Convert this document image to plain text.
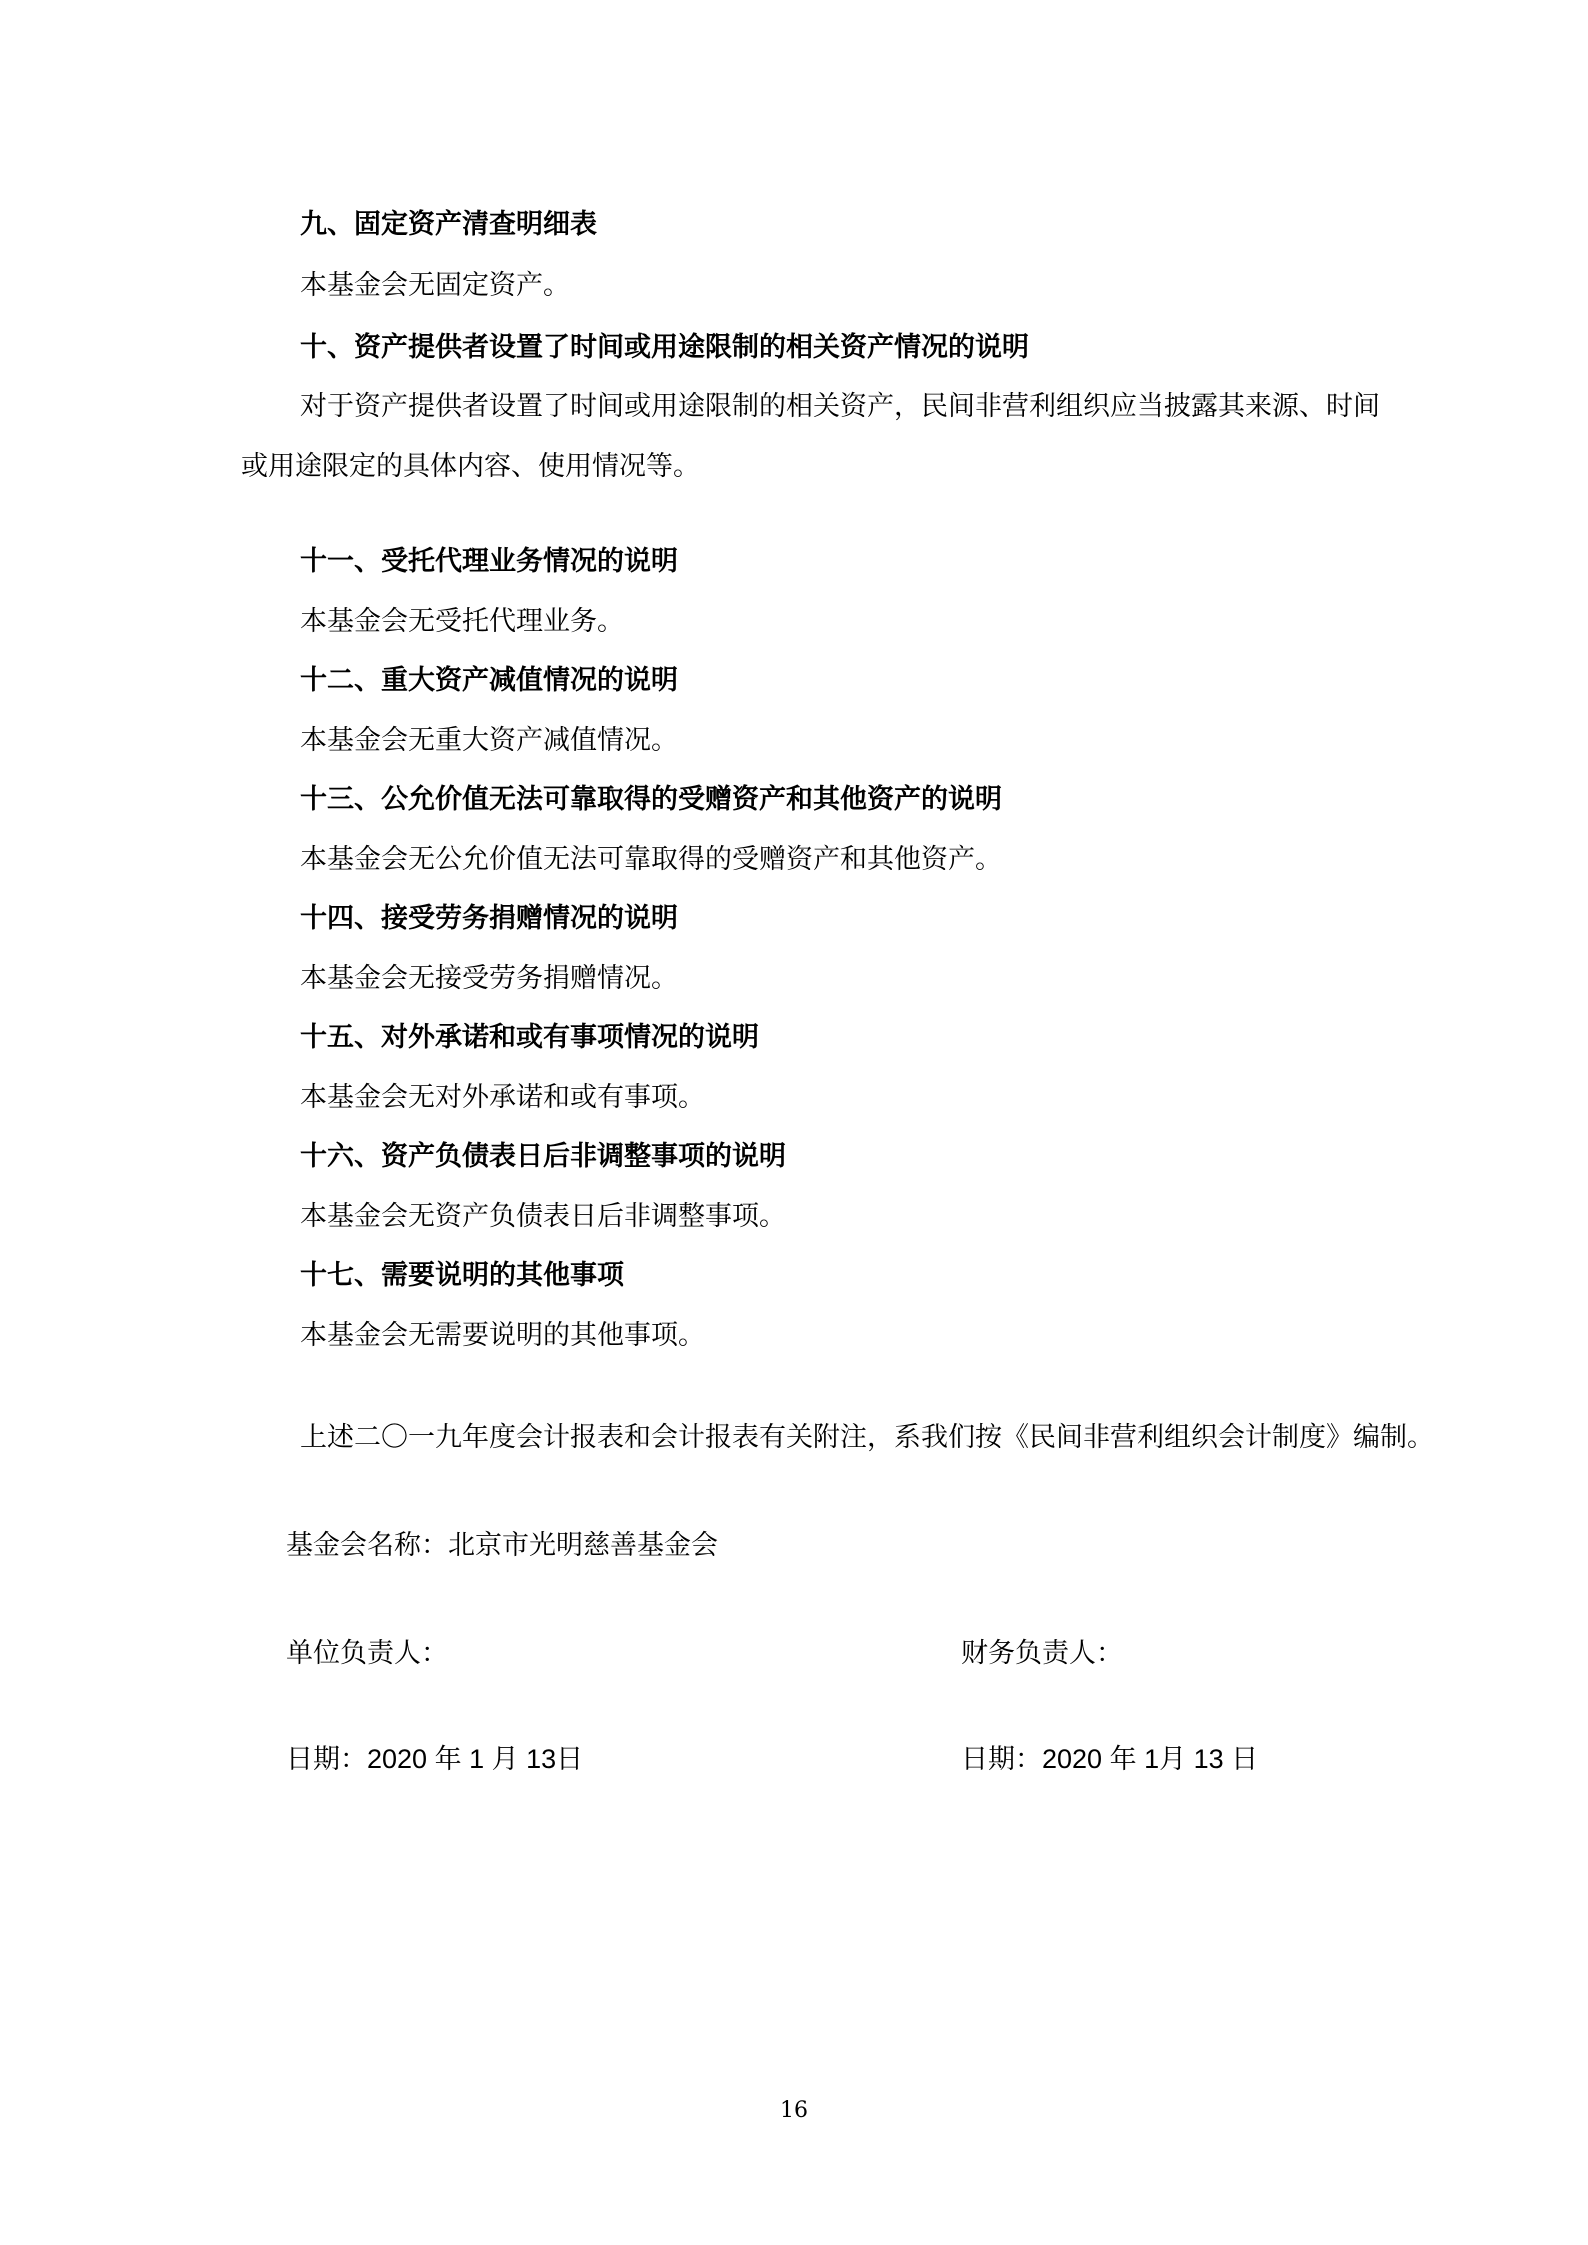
九、固定资产清查明细表
本基金会无固定资产。
十、资产提供者设置了时间或用途限制的相关资产情况的说明
对于资产提供者设置了时间或用途限制的相关资产，民间非营利组织应当披露其来源、时间
或用途限定的具体内容、使用情况等。
十一、受托代理业务情况的说明
本基金会无受托代理业务。
十二、重大资产减值情况的说明
本基金会无重大资产减值情况。
十三、公允价值无法可靠取得的受赠资产和其他资产的说明
本基金会无公允价值无法可靠取得的受赠资产和其他资产。
十四、接受劳务捐赠情况的说明
本基金会无接受劳务捐赠情况。
十五、对外承诺和或有事项情况的说明
本基金会无对外承诺和或有事项。
十六、资产负债表日后非调整事项的说明
本基金会无资产负债表日后非调整事项。
十七、需要说明的其他事项
本基金会无需要说明的其他事项。
上述二〇一九年度会计报表和会计报表有关附注，系我们按《民间非营利组织会计制度》编制。
基金会名称：北京市光明慈善基金会
单位负责人：	财务负责人：
日期：2020 年 1 月 13日	日期：2020 年 1月 13 日
16
